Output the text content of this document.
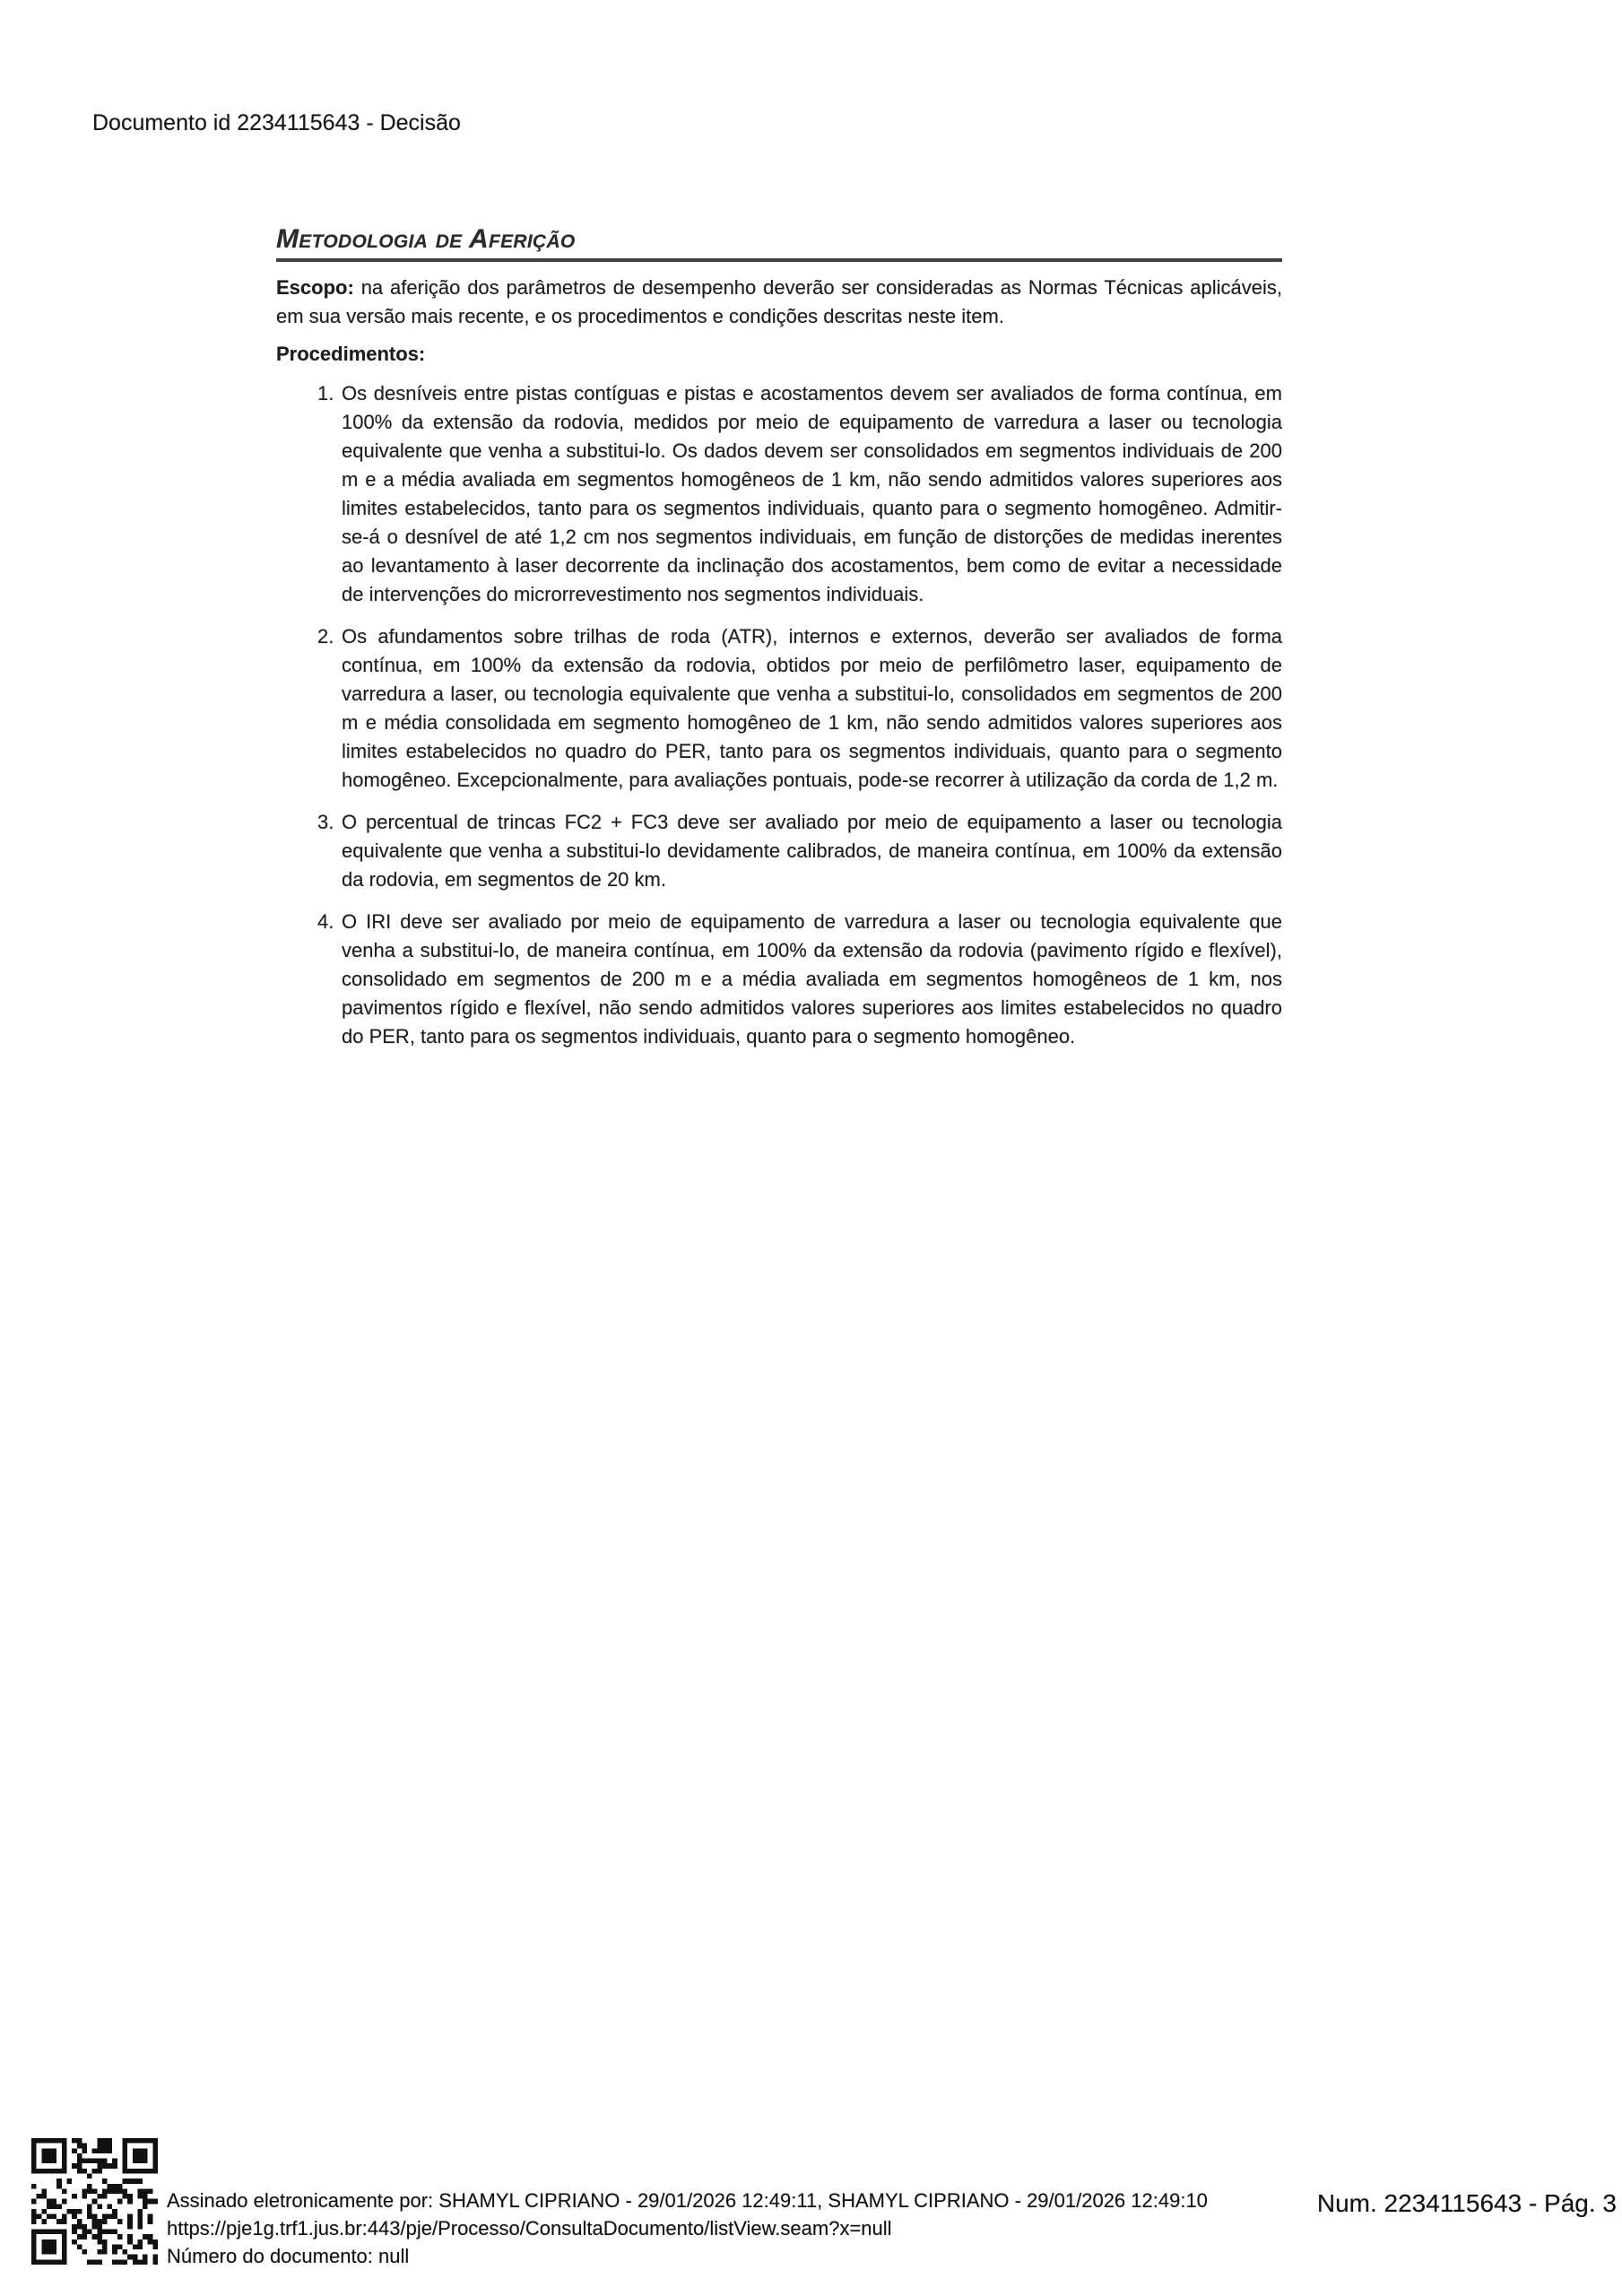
Documento id 2234115643 - Decisão
Metodologia de Aferição

Escopo: na aferição dos parâmetros de desempenho deverão ser consideradas as Normas Técnicas aplicáveis, em sua versão mais recente, e os procedimentos e condições descritas neste item.

Procedimentos:

1. Os desníveis entre pistas contíguas e pistas e acostamentos devem ser avaliados de forma contínua, em 100% da extensão da rodovia, medidos por meio de equipamento de varredura a laser ou tecnologia equivalente que venha a substitui-lo. Os dados devem ser consolidados em segmentos individuais de 200 m e a média avaliada em segmentos homogêneos de 1 km, não sendo admitidos valores superiores aos limites estabelecidos, tanto para os segmentos individuais, quanto para o segmento homogêneo. Admitir-se-á o desnível de até 1,2 cm nos segmentos individuais, em função de distorções de medidas inerentes ao levantamento à laser decorrente da inclinação dos acostamentos, bem como de evitar a necessidade de intervenções do microrrevestimento nos segmentos individuais.
2. Os afundamentos sobre trilhas de roda (ATR), internos e externos, deverão ser avaliados de forma contínua, em 100% da extensão da rodovia, obtidos por meio de perfilômetro laser, equipamento de varredura a laser, ou tecnologia equivalente que venha a substitui-lo, consolidados em segmentos de 200 m e média consolidada em segmento homogêneo de 1 km, não sendo admitidos valores superiores aos limites estabelecidos no quadro do PER, tanto para os segmentos individuais, quanto para o segmento homogêneo. Excepcionalmente, para avaliações pontuais, pode-se recorrer à utilização da corda de 1,2 m.
3. O percentual de trincas FC2 + FC3 deve ser avaliado por meio de equipamento a laser ou tecnologia equivalente que venha a substitui-lo devidamente calibrados, de maneira contínua, em 100% da extensão da rodovia, em segmentos de 20 km.
4. O IRI deve ser avaliado por meio de equipamento de varredura a laser ou tecnologia equivalente que venha a substitui-lo, de maneira contínua, em 100% da extensão da rodovia (pavimento rígido e flexível), consolidado em segmentos de 200 m e a média avaliada em segmentos homogêneos de 1 km, nos pavimentos rígido e flexível, não sendo admitidos valores superiores aos limites estabelecidos no quadro do PER, tanto para os segmentos individuais, quanto para o segmento homogêneo.
Assinado eletronicamente por: SHAMYL CIPRIANO - 29/01/2026 12:49:11, SHAMYL CIPRIANO - 29/01/2026 12:49:10
https://pje1g.trf1.jus.br:443/pje/Processo/ConsultaDocumento/listView.seam?x=null
Número do documento: null
Num. 2234115643 - Pág. 3
